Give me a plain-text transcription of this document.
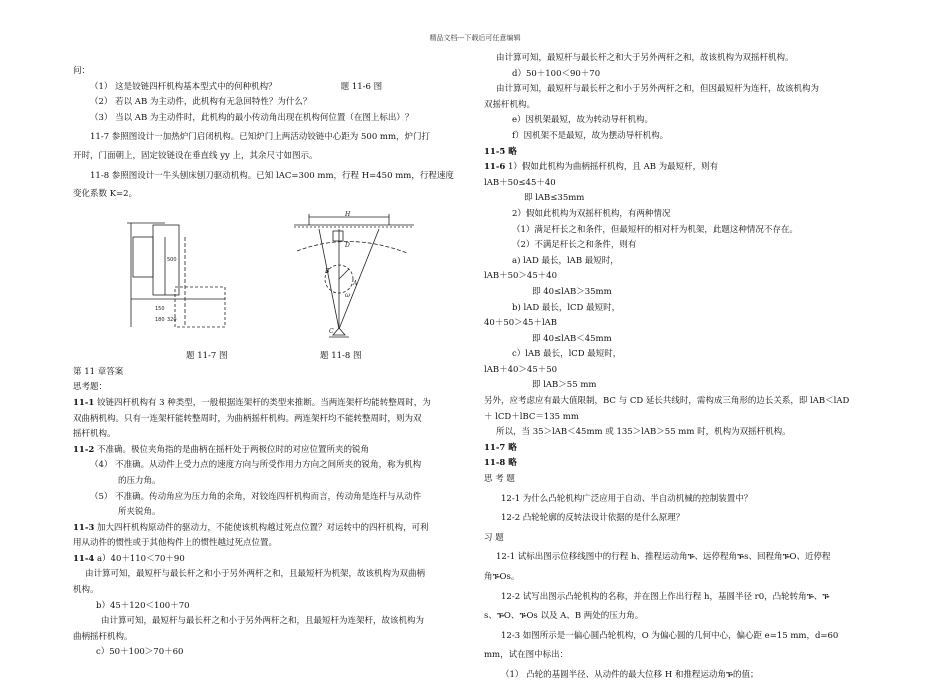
精品文档---下载后可任意编辑
问：
（1） 这是铰链四杆机构基本型式中的何种机构？	题 11-6 图
（2） 若以 AB 为主动件，此机构有无急回特性？为什么？
（3） 当以 AB 为主动件时，此机构的最小传动角出现在机构何位置（在图上标出）？
11-7 参照图设计一加热炉门启闭机构。已知炉门上两活动铰链中心距为 500 mm，炉门打
开时，门面朝上，固定铰链设在垂直线 yy 上，其余尺寸如图示。
11-8 参照图设计一牛头刨床刨刀驱动机构。已知 lAC=300 mm，行程 H=450 mm，行程速度
变化系数 K=2。
500
150
180 320
题 11-7 图
H
D
A
B
C
ω
题 11-8 图
第 11 章答案
思考题：
11-1 铰链四杆机构有 3 种类型，一般根据连架杆的类型来推断。当两连架杆均能转整周时，为
双曲柄机构。只有一连架杆能转整周时，为曲柄摇杆机构。两连架杆均不能转整周时，则为双
摇杆机构。
11-2 不准确。极位夹角指的是曲柄在摇杆处于两极位时的对应位置所夹的锐角
（4） 不准确。从动件上受力点的速度方向与所受作用力方向之间所夹的锐角，称为机构
的压力角。
（5） 不准确。传动角应为压力角的余角，对铰连四杆机构而言，传动角是连杆与从动件
所夹锐角。
11-3 加大四杆机构原动件的驱动力，不能使该机构越过死点位置？对运转中的四杆机构，可利
用从动件的惯性或于其他构件上的惯性越过死点位置。
11-4 a）40＋110＜70＋90
由计算可知，最短杆与最长杆之和小于另外两杆之和，且最短杆为机架，故该机构为双曲柄
机构。
b）45＋120＜100＋70
由计算可知，最短杆与最长杆之和小于另外两杆之和，且最短杆为连架杆，故该机构为
曲柄摇杆机构。
c）50＋100＞70＋60
由计算可知，最短杆与最长杆之和大于另外两杆之和，故该机构为双摇杆机构。
d）50＋100＜90＋70
由计算可知，最短杆与最长杆之和小于另外两杆之和，但因最短杆为连杆，故该机构为
双摇杆机构。
e）因机架最短，故为转动导杆机构。
f）因机架不是最短，故为摆动导杆机构。
11-5 略
11-6 1）假如此机构为曲柄摇杆机构，且 AB 为最短杆，则有
lAB＋50≤45＋40
即 lAB≤35mm
2）假如此机构为双摇杆机构，有两种情况
（1）满足杆长之和条件，但最短杆的相对杆为机架，此题这种情况不存在。
（2）不满足杆长之和条件，则有
a) lAD 最长，lAB 最短时，
lAB＋50＞45＋40
即 40≤lAB＞35mm
b) lAD 最长，lCD 最短时，
40＋50＞45＋lAB
即 40≤lAB＜45mm
c）lAB 最长，lCD 最短时，
lAB＋40＞45＋50
即 lAB＞55 mm
另外，应考虑应有最大值限制，BC 与 CD 延长共线时，需构成三角形的边长关系，即 lAB＜lAD
＋ lCD＋lBC＝135 mm
所以，当 35＞lAB＜45mm 或 135＞lAB＞55 mm 时，机构为双摇杆机构。
11-7 略
11-8 略
思 考 题
12-1 为什么凸轮机构广泛应用于自动、半自动机械的控制装置中？
12-2 凸轮轮廓的反转法设计依据的是什么原理？
习 题
12-1 试标出图示位移线图中的行程 h、推程运动角ᎏ、远停程角ᎏs、回程角ᎏO、近停程
角ᎏOs。
12-2 试写出图示凸轮机构的名称，并在图上作出行程 h，基圆半径 r0，凸轮转角ᎏ、ᎏ
s、ᎏO、ᎏOs 以及 A、B 两处的压力角。
12-3 如图所示是一偏心圆凸轮机构，O 为偏心圆的几何中心，偏心距 e=15 mm，d=60
mm，试在图中标出：
（1） 凸轮的基圆半径、从动件的最大位移 H 和推程运动角ᎏ的值；
